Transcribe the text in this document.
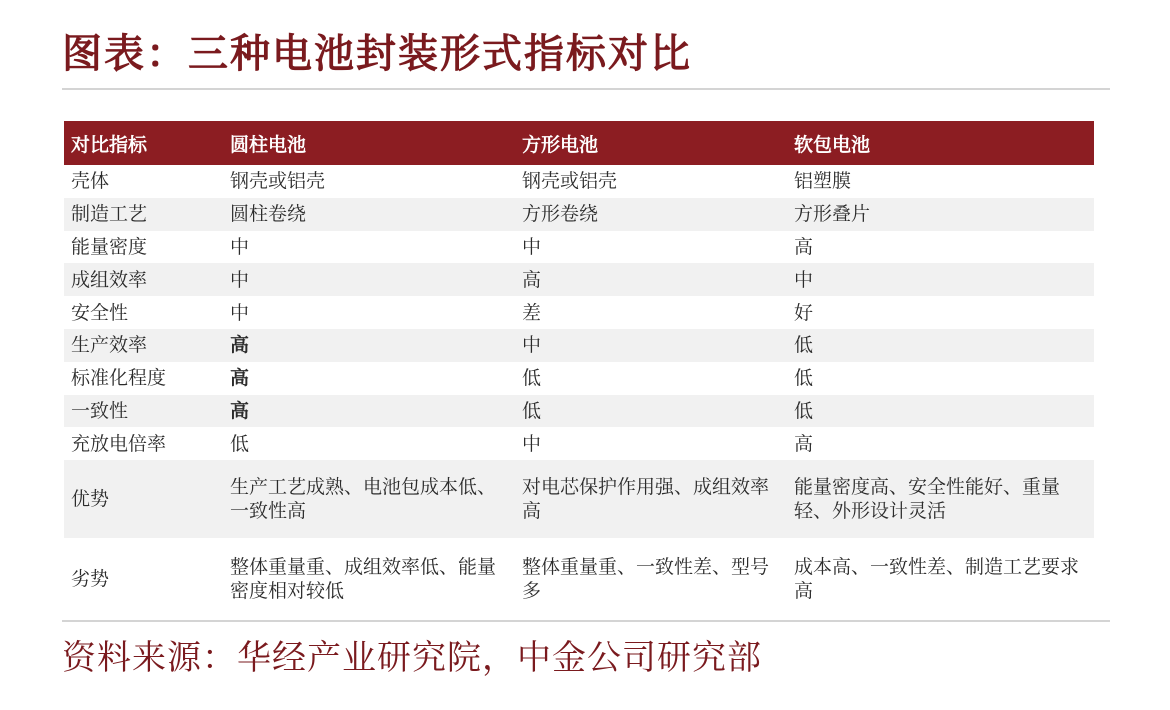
图表：三种电池封装形式指标对比
对比指标	圆柱电池	方形电池	软包电池
壳体	钢壳或铝壳	钢壳或铝壳	铝塑膜
制造工艺	圆柱卷绕	方形卷绕	方形叠片
能量密度	中	中	高
成组效率	中	高	中
安全性	中	差	好
生产效率	高	中	低
标准化程度	高	低	低
一致性	高	低	低
充放电倍率	低	中	高
优势	生产工艺成熟、电池包成本低、一致性高	对电芯保护作用强、成组效率高	能量密度高、安全性能好、重量轻、外形设计灵活
劣势	整体重量重、成组效率低、能量密度相对较低	整体重量重、一致性差、型号多	成本高、一致性差、制造工艺要求高
资料来源：华经产业研究院，中金公司研究部
